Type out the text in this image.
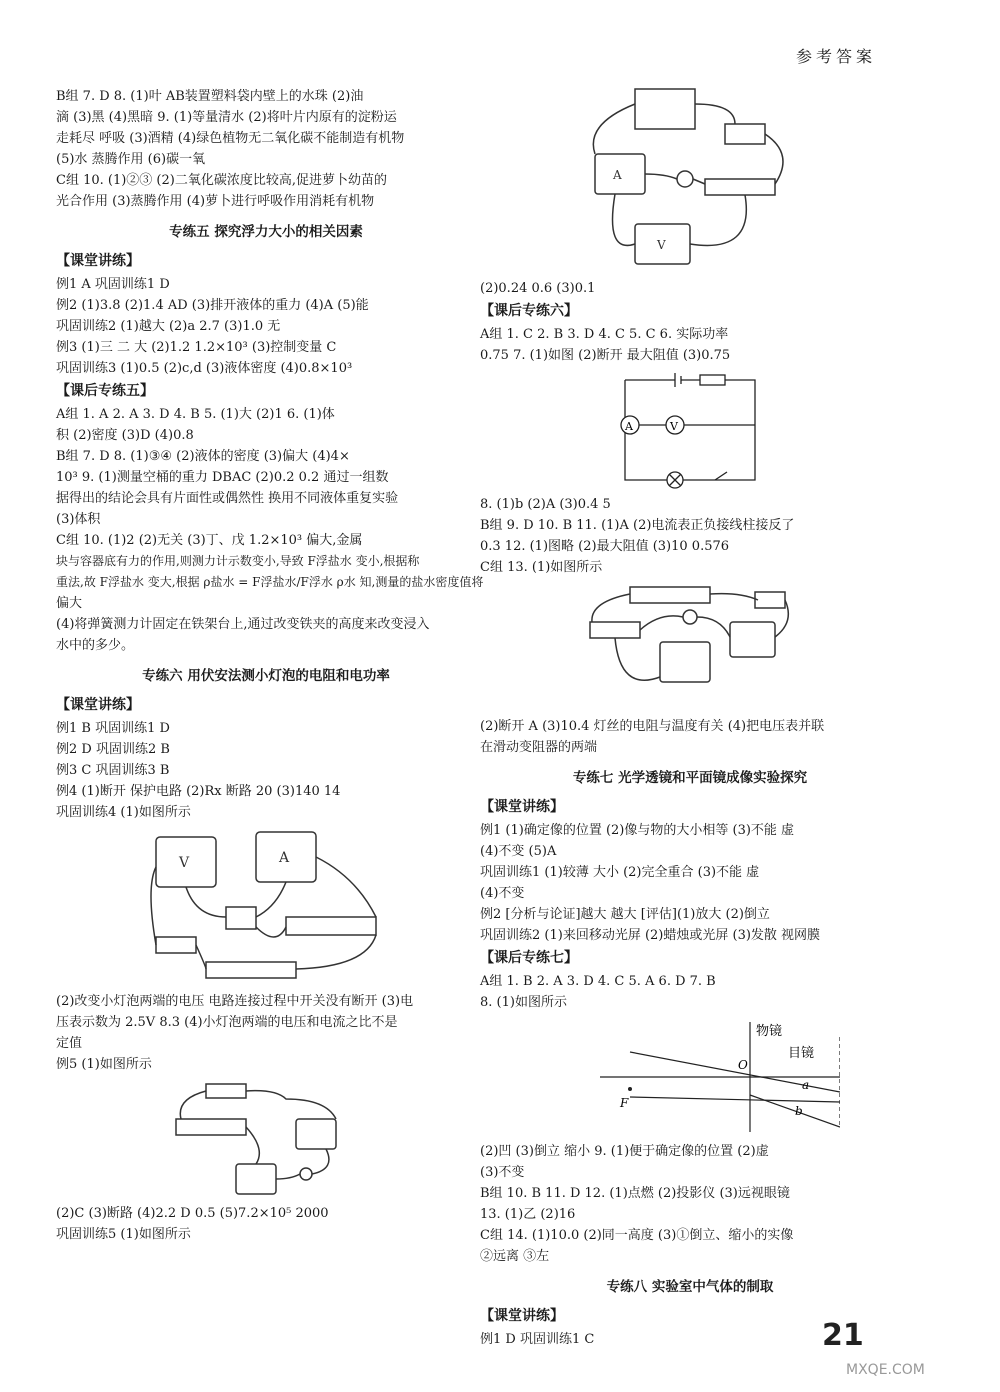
参考答案

B组 7. D 8. (1)叶 AB装置塑料袋内壁上的水珠 (2)油

滴 (3)黑 (4)黑暗 9. (1)等量清水 (2)将叶片内原有的淀粉运

走耗尽 呼吸 (3)酒精 (4)绿色植物无二氧化碳不能制造有机物

(5)水 蒸腾作用 (6)碳一氧

C组 10. (1)②③ (2)二氧化碳浓度比较高,促进萝卜幼苗的

光合作用 (3)蒸腾作用 (4)萝卜进行呼吸作用消耗有机物

专练五 探究浮力大小的相关因素
【课堂讲练】

例1 A 巩固训练1 D

例2 (1)3.8 (2)1.4 AD (3)排开液体的重力 (4)A (5)能

巩固训练2 (1)越大 (2)a 2.7 (3)1.0 无

例3 (1)三 二 大 (2)1.2 1.2×10³ (3)控制变量 C

巩固训练3 (1)0.5 (2)c,d (3)液体密度 (4)0.8×10³

【课后专练五】

A组 1. A 2. A 3. D 4. B 5. (1)大 (2)1 6. (1)体

积 (2)密度 (3)D (4)0.8

B组 7. D 8. (1)③④ (2)液体的密度 (3)偏大 (4)4×

10³ 9. (1)测量空桶的重力 DBAC (2)0.2 0.2 通过一组数

据得出的结论会具有片面性或偶然性 换用不同液体重复实验

(3)体积

C组 10. (1)2 (2)无关 (3)丁、戊 1.2×10³ 偏大,金属

块与容器底有力的作用,则测力计示数变小,导致 F浮盐水 变小,根据称

重法,故 F浮盐水 变大,根据 ρ盐水 = F浮盐水/F浮水 ρ水 知,测量的盐水密度值将

偏大

(4)将弹簧测力计固定在铁架台上,通过改变铁夹的高度来改变浸入

水中的多少。

专练六 用伏安法测小灯泡的电阻和电功率
【课堂讲练】

例1 B 巩固训练1 D

例2 D 巩固训练2 B

例3 C 巩固训练3 B

例4 (1)断开 保护电路 (2)Rx 断路 20 (3)140 14

巩固训练4 (1)如图所示

V	A

(2)改变小灯泡两端的电压 电路连接过程中开关没有断开 (3)电

压表示数为 2.5V 8.3 (4)小灯泡两端的电压和电流之比不是

定值

例5 (1)如图所示

(2)C (3)断路 (4)2.2 D 0.5 (5)7.2×10⁵ 2000

巩固训练5 (1)如图所示

A
V

(2)0.24 0.6 (3)0.1

【课后专练六】

A组 1. C 2. B 3. D 4. C 5. C 6. 实际功率

0.75 7. (1)如图 (2)断开 最大阻值 (3)0.75

A	V

8. (1)b (2)A (3)0.4 5

B组 9. D 10. B 11. (1)A (2)电流表正负接线柱接反了

0.3 12. (1)图略 (2)最大阻值 (3)10 0.576

C组 13. (1)如图所示

(2)断开 A (3)10.4 灯丝的电阻与温度有关 (4)把电压表并联

在滑动变阻器的两端

专练七 光学透镜和平面镜成像实验探究
【课堂讲练】

例1 (1)确定像的位置 (2)像与物的大小相等 (3)不能 虚

(4)不变 (5)A

巩固训练1 (1)较薄 大小 (2)完全重合 (3)不能 虚

(4)不变

例2 [分析与论证]越大 越大 [评估](1)放大 (2)倒立

巩固训练2 (1)来回移动光屏 (2)蜡烛或光屏 (3)发散 视网膜

【课后专练七】

A组 1. B 2. A 3. D 4. C 5. A 6. D 7. B

8. (1)如图所示

物镜
目镜
O
F
a
b

(2)凹 (3)倒立 缩小 9. (1)便于确定像的位置 (2)虚

(3)不变

B组 10. B 11. D 12. (1)点燃 (2)投影仪 (3)远视眼镜

13. (1)乙 (2)16

C组 14. (1)10.0 (2)同一高度 (3)①倒立、缩小的实像

②远离 ③左

专练八 实验室中气体的制取
【课堂讲练】

例1 D 巩固训练1 C	21
MXQE.COM
